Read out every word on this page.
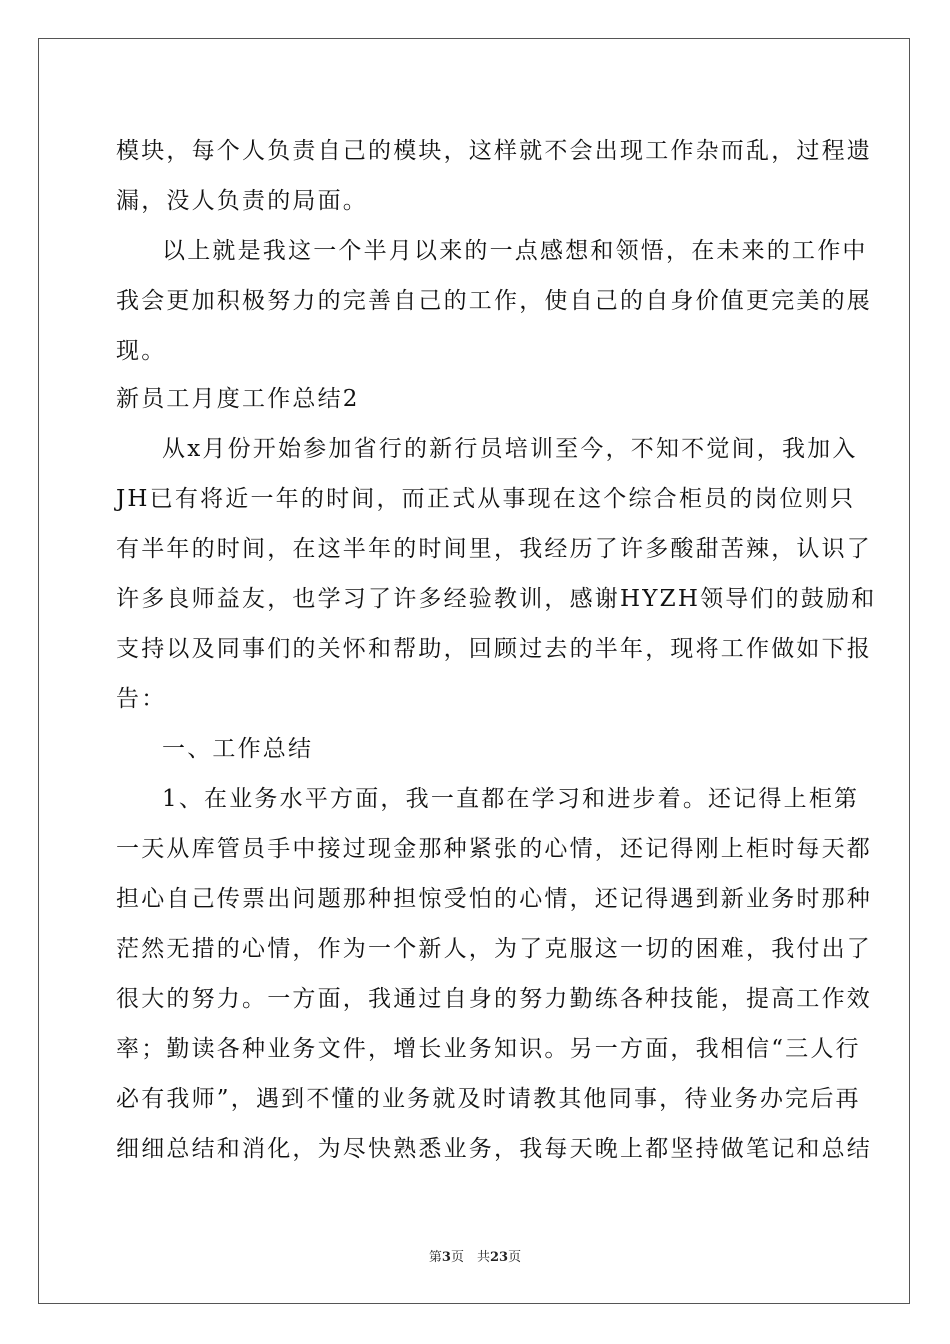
模块，每个人负责自己的模块，这样就不会出现工作杂而乱，过程遗
漏，没人负责的局面。
以上就是我这一个半月以来的一点感想和领悟，在未来的工作中
我会更加积极努力的完善自己的工作，使自己的自身价值更完美的展
现。
新员工月度工作总结2
从x月份开始参加省行的新行员培训至今，不知不觉间，我加入
JH已有将近一年的时间，而正式从事现在这个综合柜员的岗位则只
有半年的时间，在这半年的时间里，我经历了许多酸甜苦辣，认识了
许多良师益友，也学习了许多经验教训，感谢HYZH领导们的鼓励和
支持以及同事们的关怀和帮助，回顾过去的半年，现将工作做如下报
告：
一、工作总结
1、在业务水平方面，我一直都在学习和进步着。还记得上柜第
一天从库管员手中接过现金那种紧张的心情，还记得刚上柜时每天都
担心自己传票出问题那种担惊受怕的心情，还记得遇到新业务时那种
茫然无措的心情，作为一个新人，为了克服这一切的困难，我付出了
很大的努力。一方面，我通过自身的努力勤练各种技能，提高工作效
率；勤读各种业务文件，增长业务知识。另一方面，我相信“三人行
必有我师”，遇到不懂的业务就及时请教其他同事，待业务办完后再
细细总结和消化，为尽快熟悉业务，我每天晚上都坚持做笔记和总结
第3页　共23页
